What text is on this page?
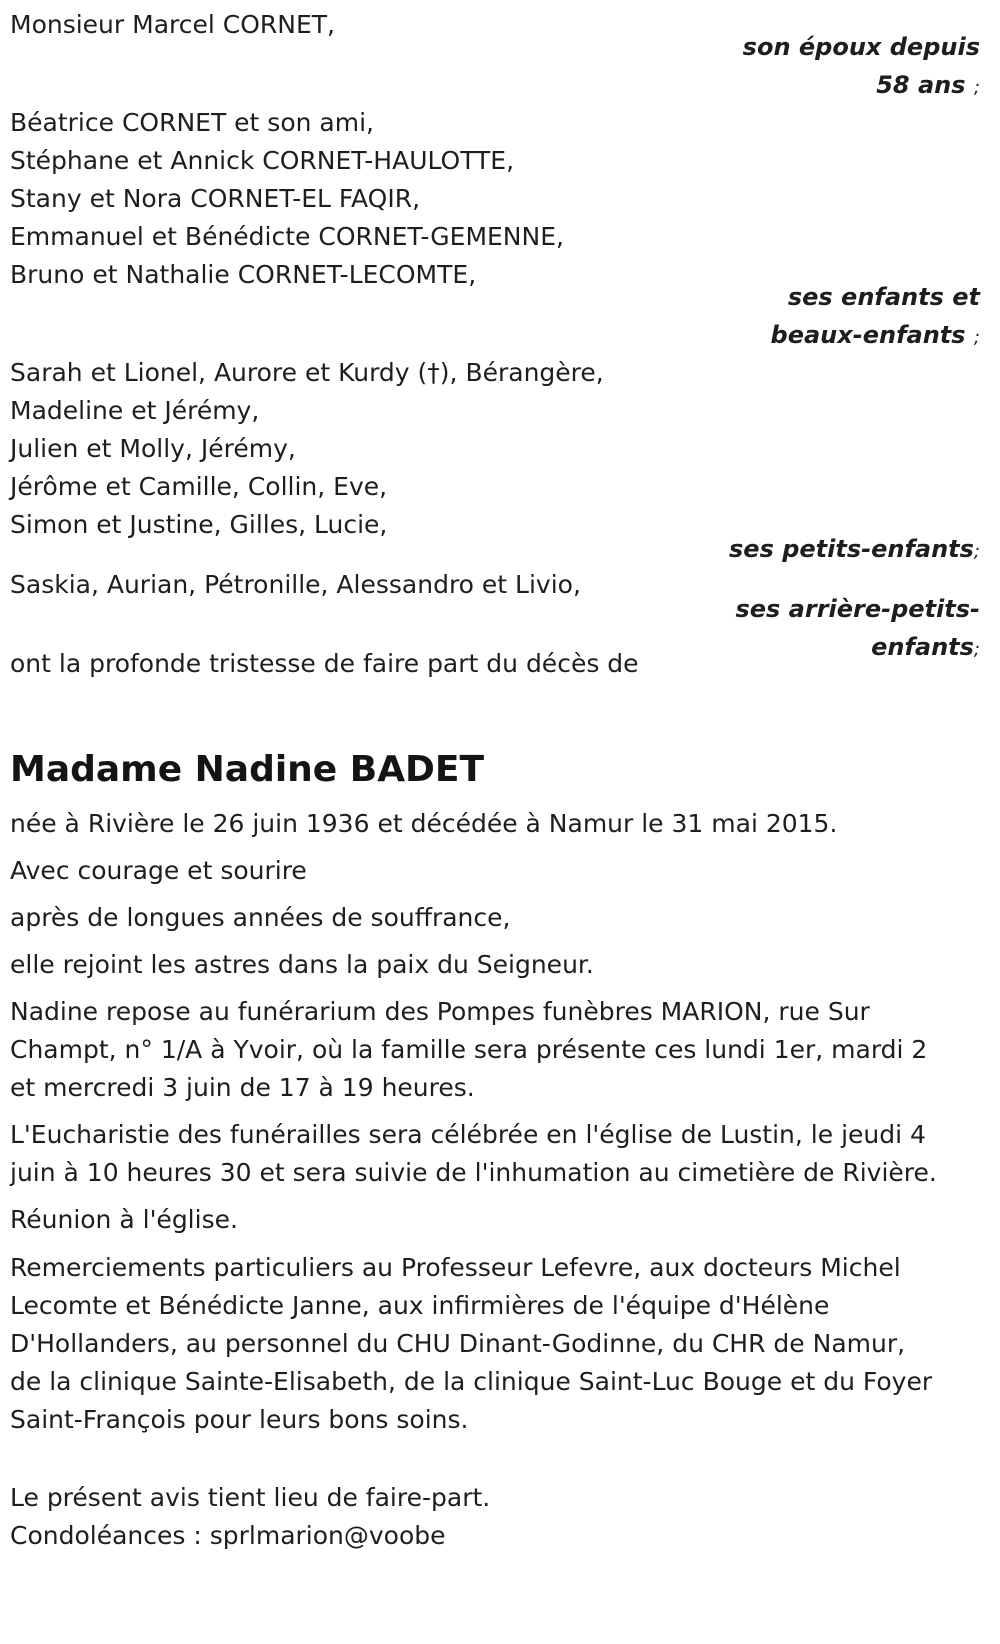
Monsieur Marcel CORNET,
son époux depuis
58 ans ;
Béatrice CORNET et son ami,
Stéphane et Annick CORNET-HAULOTTE,
Stany et Nora CORNET-EL FAQIR,
Emmanuel et Bénédicte CORNET-GEMENNE,
Bruno et Nathalie CORNET-LECOMTE,
ses enfants et
beaux-enfants ;
Sarah et Lionel, Aurore et Kurdy (†), Bérangère,
Madeline et Jérémy,
Julien et Molly, Jérémy,
Jérôme et Camille, Collin, Eve,
Simon et Justine, Gilles, Lucie,
ses petits-enfants;
Saskia, Aurian, Pétronille, Alessandro et Livio,
ses arrière-petits-
enfants;
ont la profonde tristesse de faire part du décès de
Madame Nadine BADET
née à Rivière le 26 juin 1936 et décédée à Namur le 31 mai 2015.
Avec courage et sourire
après de longues années de souffrance,
elle rejoint les astres dans la paix du Seigneur.
Nadine repose au funérarium des Pompes funèbres MARION, rue Sur
Champt, n° 1/A à Yvoir, où la famille sera présente ces lundi 1er, mardi 2
et mercredi 3 juin de 17 à 19 heures.
L'Eucharistie des funérailles sera célébrée en l'église de Lustin, le jeudi 4
juin à 10 heures 30 et sera suivie de l'inhumation au cimetière de Rivière.
Réunion à l'église.
Remerciements particuliers au Professeur Lefevre, aux docteurs Michel
Lecomte et Bénédicte Janne, aux infirmières de l'équipe d'Hélène
D'Hollanders, au personnel du CHU Dinant-Godinne, du CHR de Namur,
de la clinique Sainte-Elisabeth, de la clinique Saint-Luc Bouge et du Foyer
Saint-François pour leurs bons soins.
Le présent avis tient lieu de faire-part.
Condoléances : sprlmarion@voobe
